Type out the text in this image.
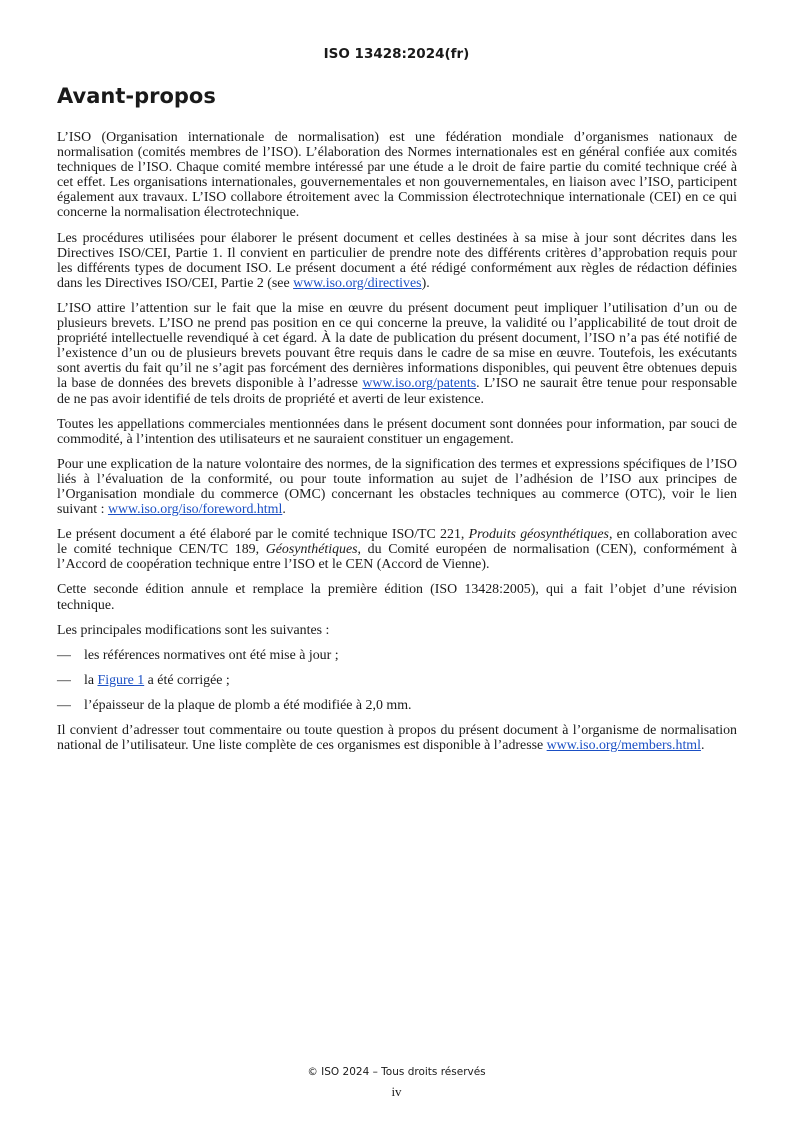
ISO 13428:2024(fr)
Avant-propos

L’ISO (Organisation internationale de normalisation) est une fédération mondiale d’organismes nationaux de normalisation (comités membres de l’ISO). L’élaboration des Normes internationales est en général confiée aux comités techniques de l’ISO. Chaque comité membre intéressé par une étude a le droit de faire partie du comité technique créé à cet effet. Les organisations internationales, gouvernementales et non gouvernementales, en liaison avec l’ISO, participent également aux travaux. L’ISO collabore étroitement avec la Commission électrotechnique internationale (CEI) en ce qui concerne la normalisation électrotechnique.

Les procédures utilisées pour élaborer le présent document et celles destinées à sa mise à jour sont décrites dans les Directives ISO/CEI, Partie 1. Il convient en particulier de prendre note des différents critères d’approbation requis pour les différents types de document ISO. Le présent document a été rédigé conformément aux règles de rédaction définies dans les Directives ISO/CEI, Partie 2 (see www.iso.org/directives).

L’ISO attire l’attention sur le fait que la mise en œuvre du présent document peut impliquer l’utilisation d’un ou de plusieurs brevets. L’ISO ne prend pas position en ce qui concerne la preuve, la validité ou l’applicabilité de tout droit de propriété intellectuelle revendiqué à cet égard. À la date de publication du présent document, l’ISO n’a pas été notifié de l’existence d’un ou de plusieurs brevets pouvant être requis dans le cadre de sa mise en œuvre. Toutefois, les exécutants sont avertis du fait qu’il ne s’agit pas forcément des dernières informations disponibles, qui peuvent être obtenues depuis la base de données des brevets disponible à l’adresse www.iso.org/patents. L’ISO ne saurait être tenue pour responsable de ne pas avoir identifié de tels droits de propriété et averti de leur existence.

Toutes les appellations commerciales mentionnées dans le présent document sont données pour information, par souci de commodité, à l’intention des utilisateurs et ne sauraient constituer un engagement.

Pour une explication de la nature volontaire des normes, de la signification des termes et expressions spécifiques de l’ISO liés à l’évaluation de la conformité, ou pour toute information au sujet de l’adhésion de l’ISO aux principes de l’Organisation mondiale du commerce (OMC) concernant les obstacles techniques au commerce (OTC), voir le lien suivant : www.iso.org/iso/foreword.html.

Le présent document a été élaboré par le comité technique ISO/TC 221, Produits géosynthétiques, en collaboration avec le comité technique CEN/TC 189, Géosynthétiques, du Comité européen de normalisation (CEN), conformément à l’Accord de coopération technique entre l’ISO et le CEN (Accord de Vienne).

Cette seconde édition annule et remplace la première édition (ISO 13428:2005), qui a fait l’objet d’une révision technique.

Les principales modifications sont les suivantes :

— les références normatives ont été mise à jour ;
— la Figure 1 a été corrigée ;
— l’épaisseur de la plaque de plomb a été modifiée à 2,0 mm.

Il convient d’adresser tout commentaire ou toute question à propos du présent document à l’organisme de normalisation national de l’utilisateur. Une liste complète de ces organismes est disponible à l’adresse www.iso.org/members.html.

© ISO 2024 – Tous droits réservés
iv
